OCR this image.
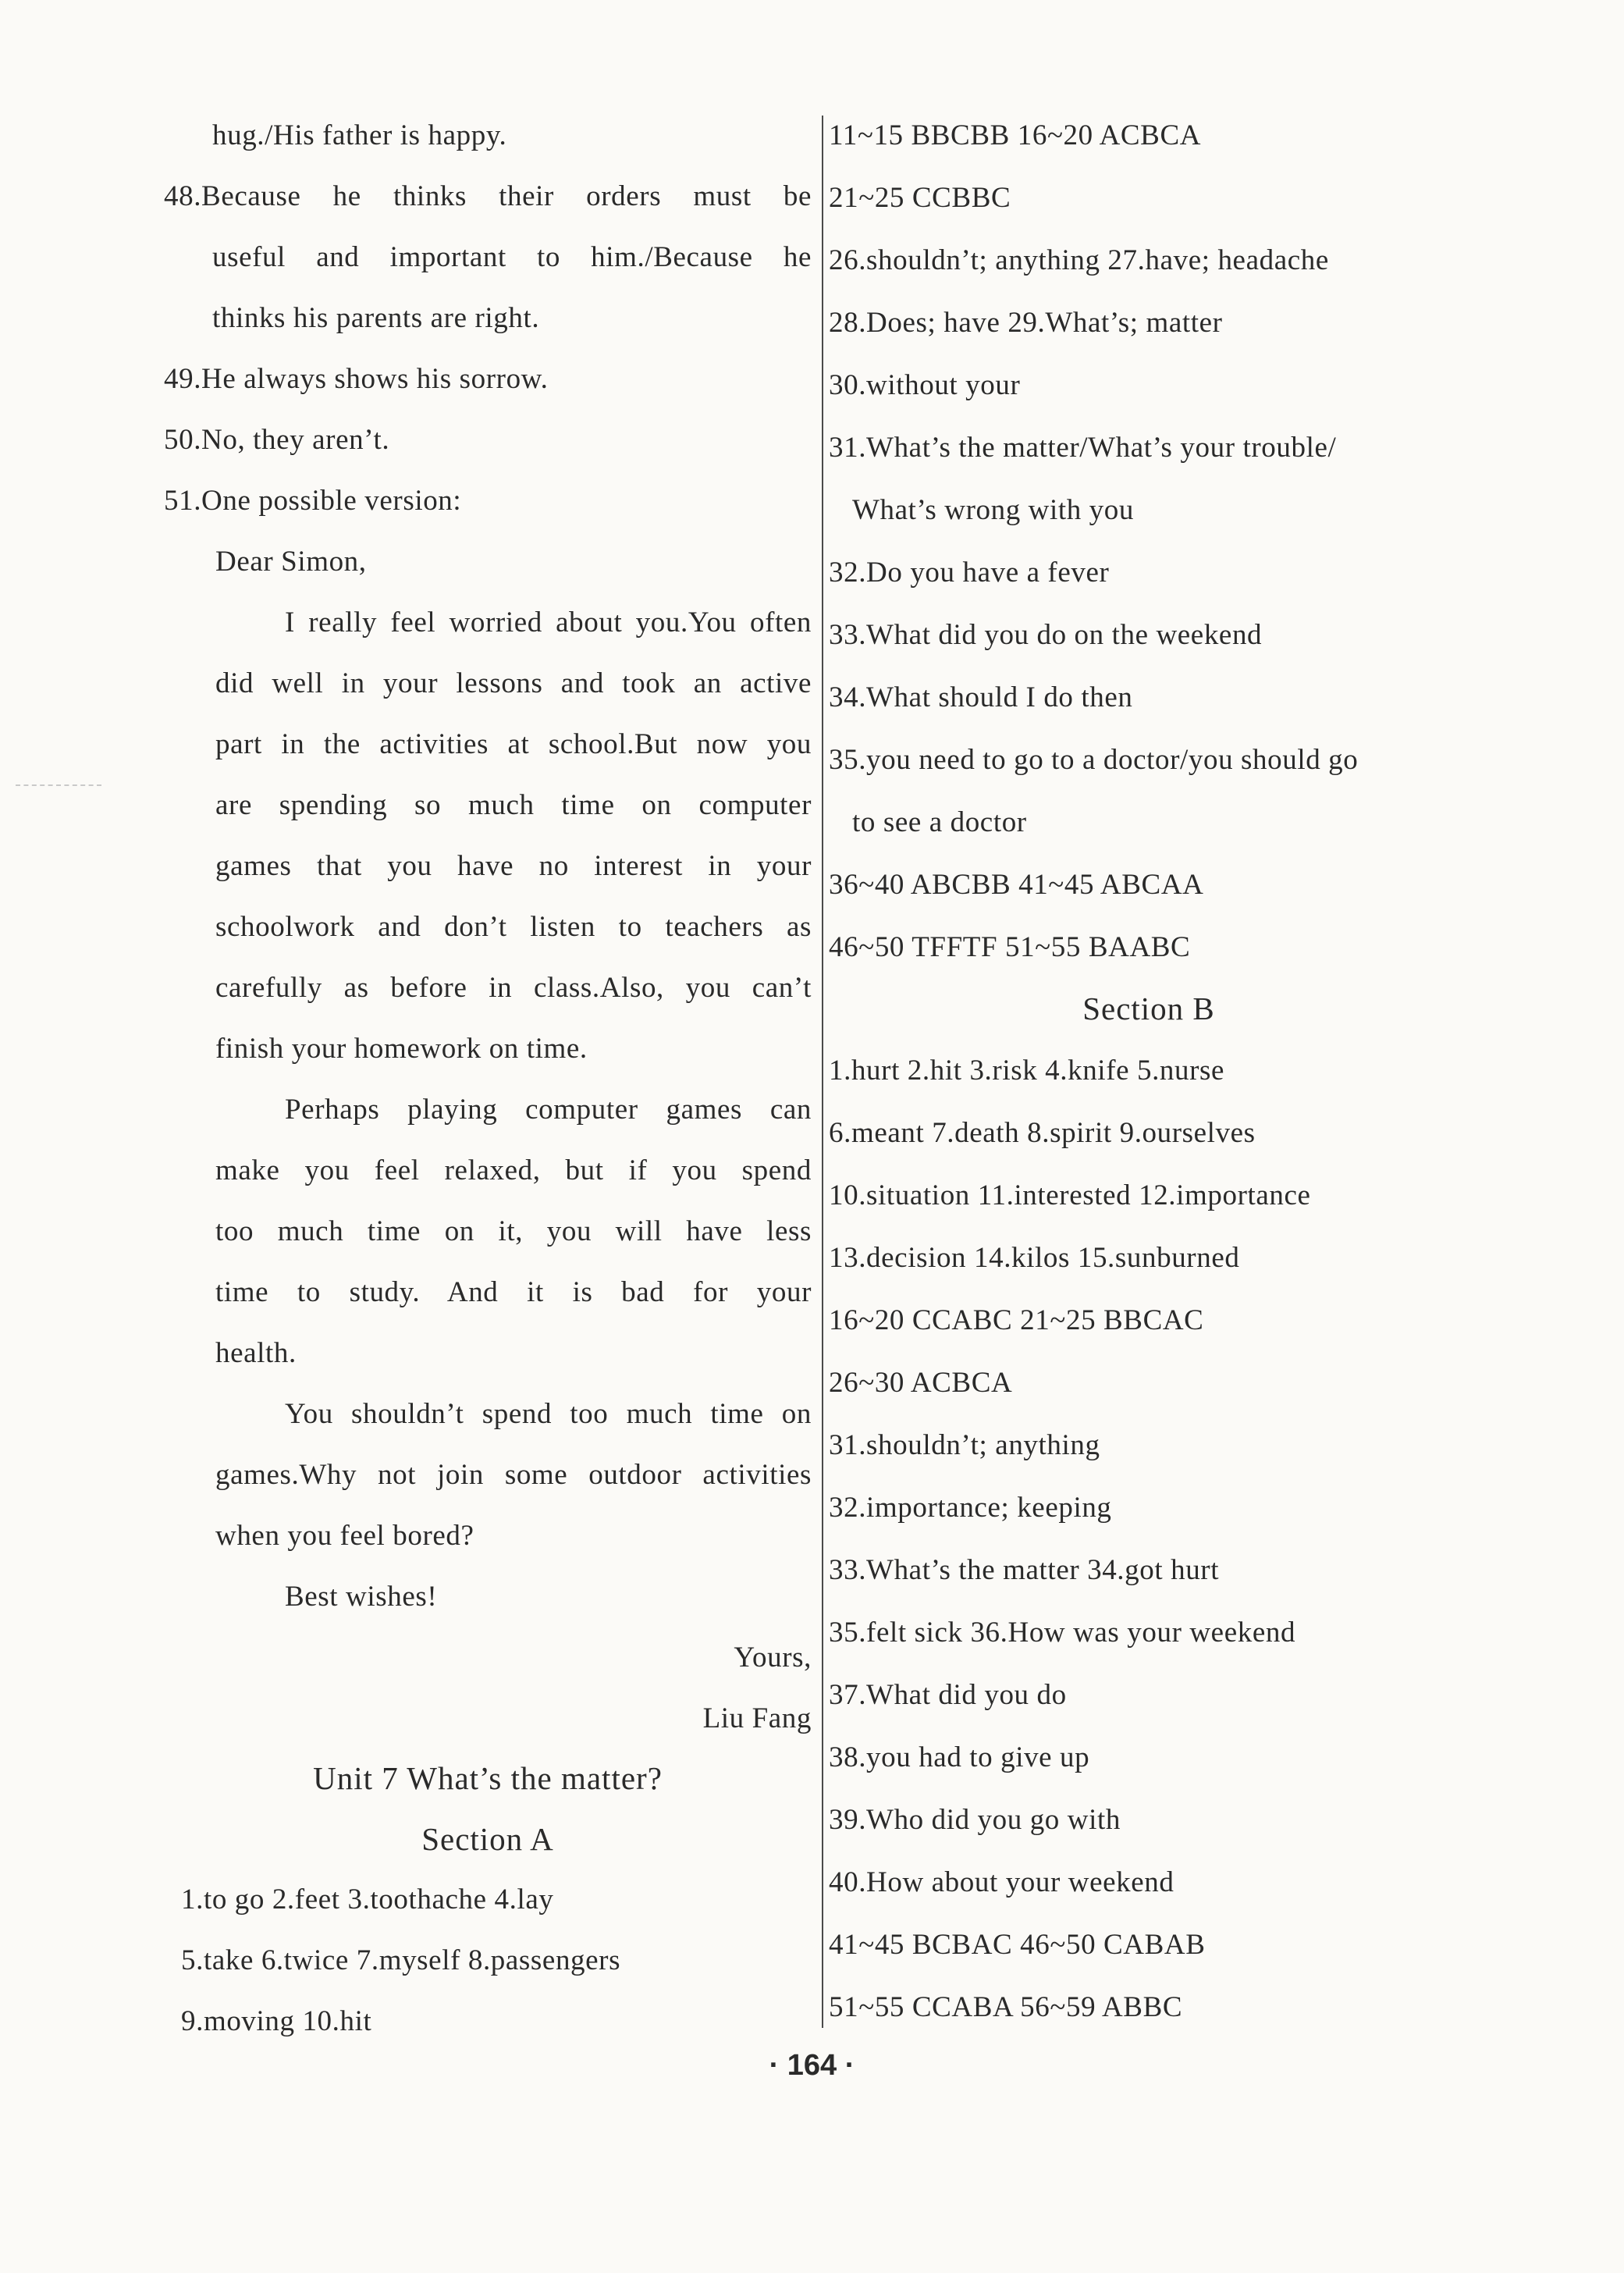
hug./His father is happy.
48.Because he thinks their orders must be
useful and important to him./Because he
thinks his parents are right.
49.He always shows his sorrow.
50.No, they aren’t.
51.One possible version:
Dear Simon,
I really feel worried about you.You often
did well in your lessons and took an active
part in the activities at school.But now you
are spending so much time on computer
games that you have no interest in your
schoolwork and don’t listen to teachers as
carefully as before in class.Also, you can’t
finish your homework on time.
Perhaps playing computer games can
make you feel relaxed, but if you spend
too much time on it, you will have less
time to study. And it is bad for your
health.
You shouldn’t spend too much time on
games.Why not join some outdoor activities
when you feel bored?
Best wishes!
Yours,
Liu Fang
Unit 7 What’s the matter?
Section A
1.to go 2.feet 3.toothache 4.lay
5.take 6.twice 7.myself 8.passengers
9.moving 10.hit
11~15 BBCBB 16~20 ACBCA
21~25 CCBBC
26.shouldn’t; anything 27.have; headache
28.Does; have 29.What’s; matter
30.without your
31.What’s the matter/What’s your trouble/
What’s wrong with you
32.Do you have a fever
33.What did you do on the weekend
34.What should I do then
35.you need to go to a doctor/you should go
to see a doctor
36~40 ABCBB 41~45 ABCAA
46~50 TFFTF 51~55 BAABC
Section B
1.hurt 2.hit 3.risk 4.knife 5.nurse
6.meant 7.death 8.spirit 9.ourselves
10.situation 11.interested 12.importance
13.decision 14.kilos 15.sunburned
16~20 CCABC 21~25 BBCAC
26~30 ACBCA
31.shouldn’t; anything
32.importance; keeping
33.What’s the matter 34.got hurt
35.felt sick 36.How was your weekend
37.What did you do
38.you had to give up
39.Who did you go with
40.How about your weekend
41~45 BCBAC 46~50 CABAB
51~55 CCABA 56~59 ABBC
· 164 ·
